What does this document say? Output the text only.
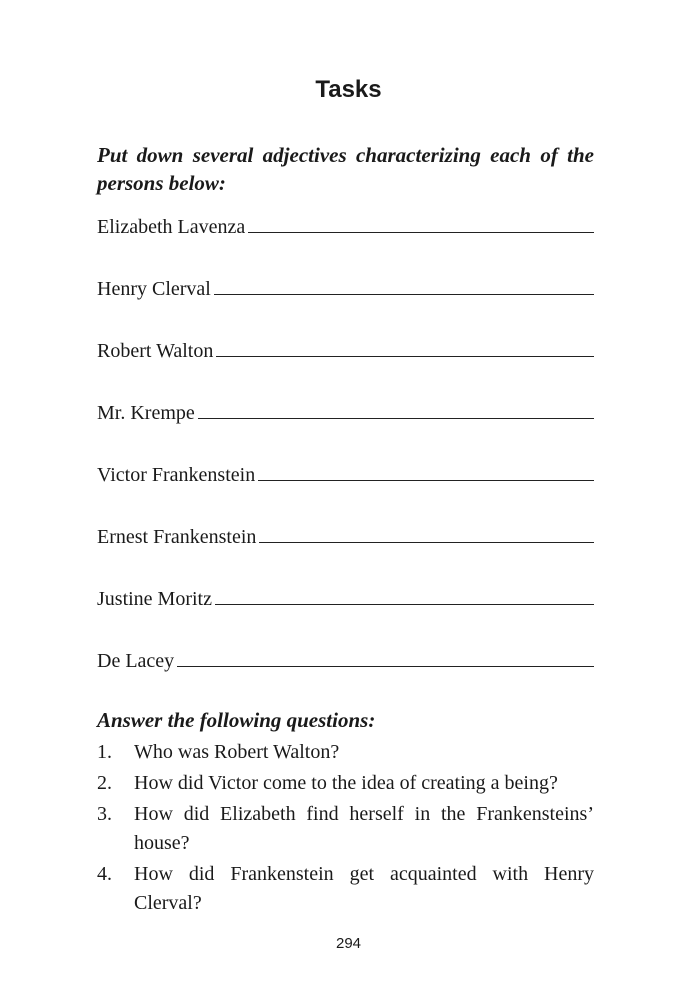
Tasks

Put down several adjectives characterizing each of the persons below:

Elizabeth Lavenza
Henry Clerval
Robert Walton
Mr. Krempe
Victor Frankenstein
Ernest Frankenstein
Justine Moritz
De Lacey
Answer the following questions:
1.	Who was Robert Walton?
2.	How did Victor come to the idea of creating a being?
3.	How did Elizabeth find herself in the Frankensteins’ house?
4.	How did Frankenstein get acquainted with Henry Clerval?
294
